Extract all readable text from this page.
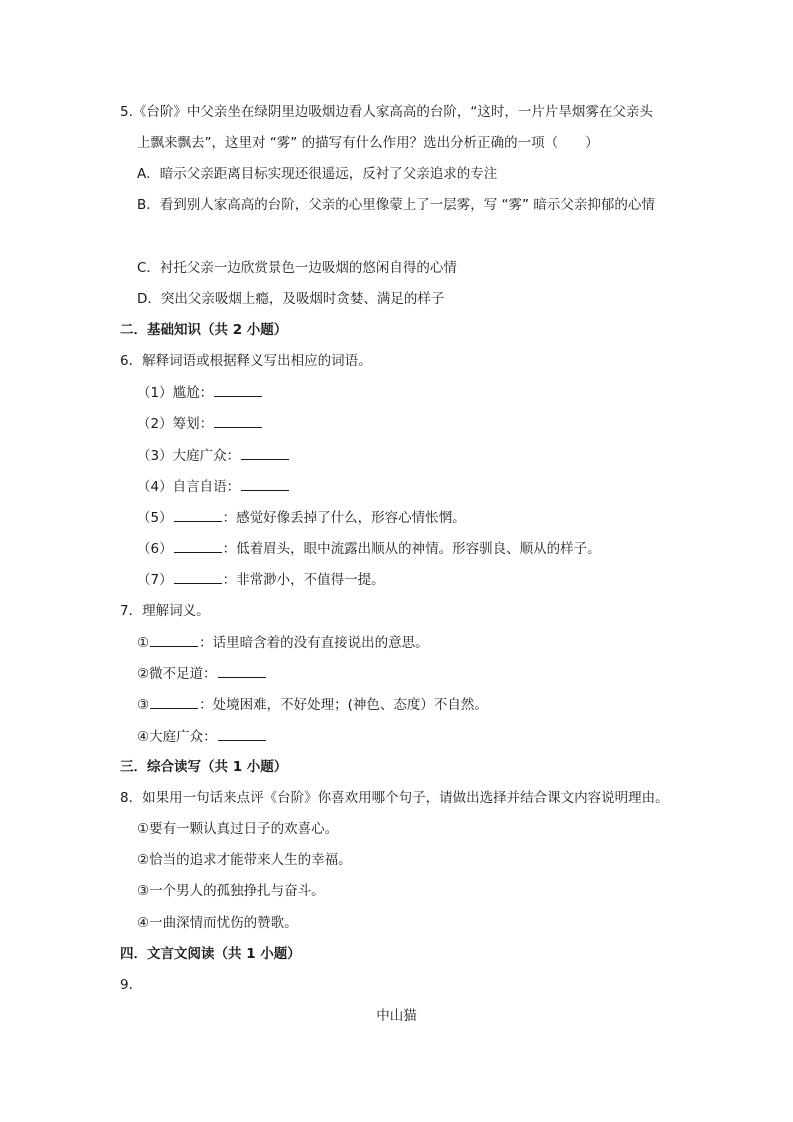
5.《台阶》中父亲坐在绿阴里边吸烟边看人家高高的台阶，“这时，一片片旱烟雾在父亲头
上飘来飘去”，这里对 “雾” 的描写有什么作用？选出分析正确的一项（　　）
A．暗示父亲距离目标实现还很遥远，反衬了父亲追求的专注
B．看到别人家高高的台阶，父亲的心里像蒙上了一层雾，写 “雾” 暗示父亲抑郁的心情
C．衬托父亲一边欣赏景色一边吸烟的悠闲自得的心情
D．突出父亲吸烟上瘾，及吸烟时贪婪、满足的样子
二．基础知识（共 2 小题）
6．解释词语或根据释义写出相应的词语。
（1）尴尬：
（2）筹划：
（3）大庭广众：
（4）自言自语：
（5）	：感觉好像丢掉了什么，形容心情怅惘。
（6）	：低着眉头，眼中流露出顺从的神情。形容驯良、顺从的样子。
（7）	：非常渺小，不值得一提。
7．理解词义。
①	：话里暗含着的没有直接说出的意思。
②微不足道：
③	：处境困难，不好处理；(神色、态度）不自然。
④大庭广众：
三．综合读写（共 1 小题）
8．如果用一句话来点评《台阶》你喜欢用哪个句子，请做出选择并结合课文内容说明理由。
①要有一颗认真过日子的欢喜心。
②恰当的追求才能带来人生的幸福。
③一个男人的孤独挣扎与奋斗。
④一曲深情而忧伤的赞歌。
四．文言文阅读（共 1 小题）
9．
中山猫
